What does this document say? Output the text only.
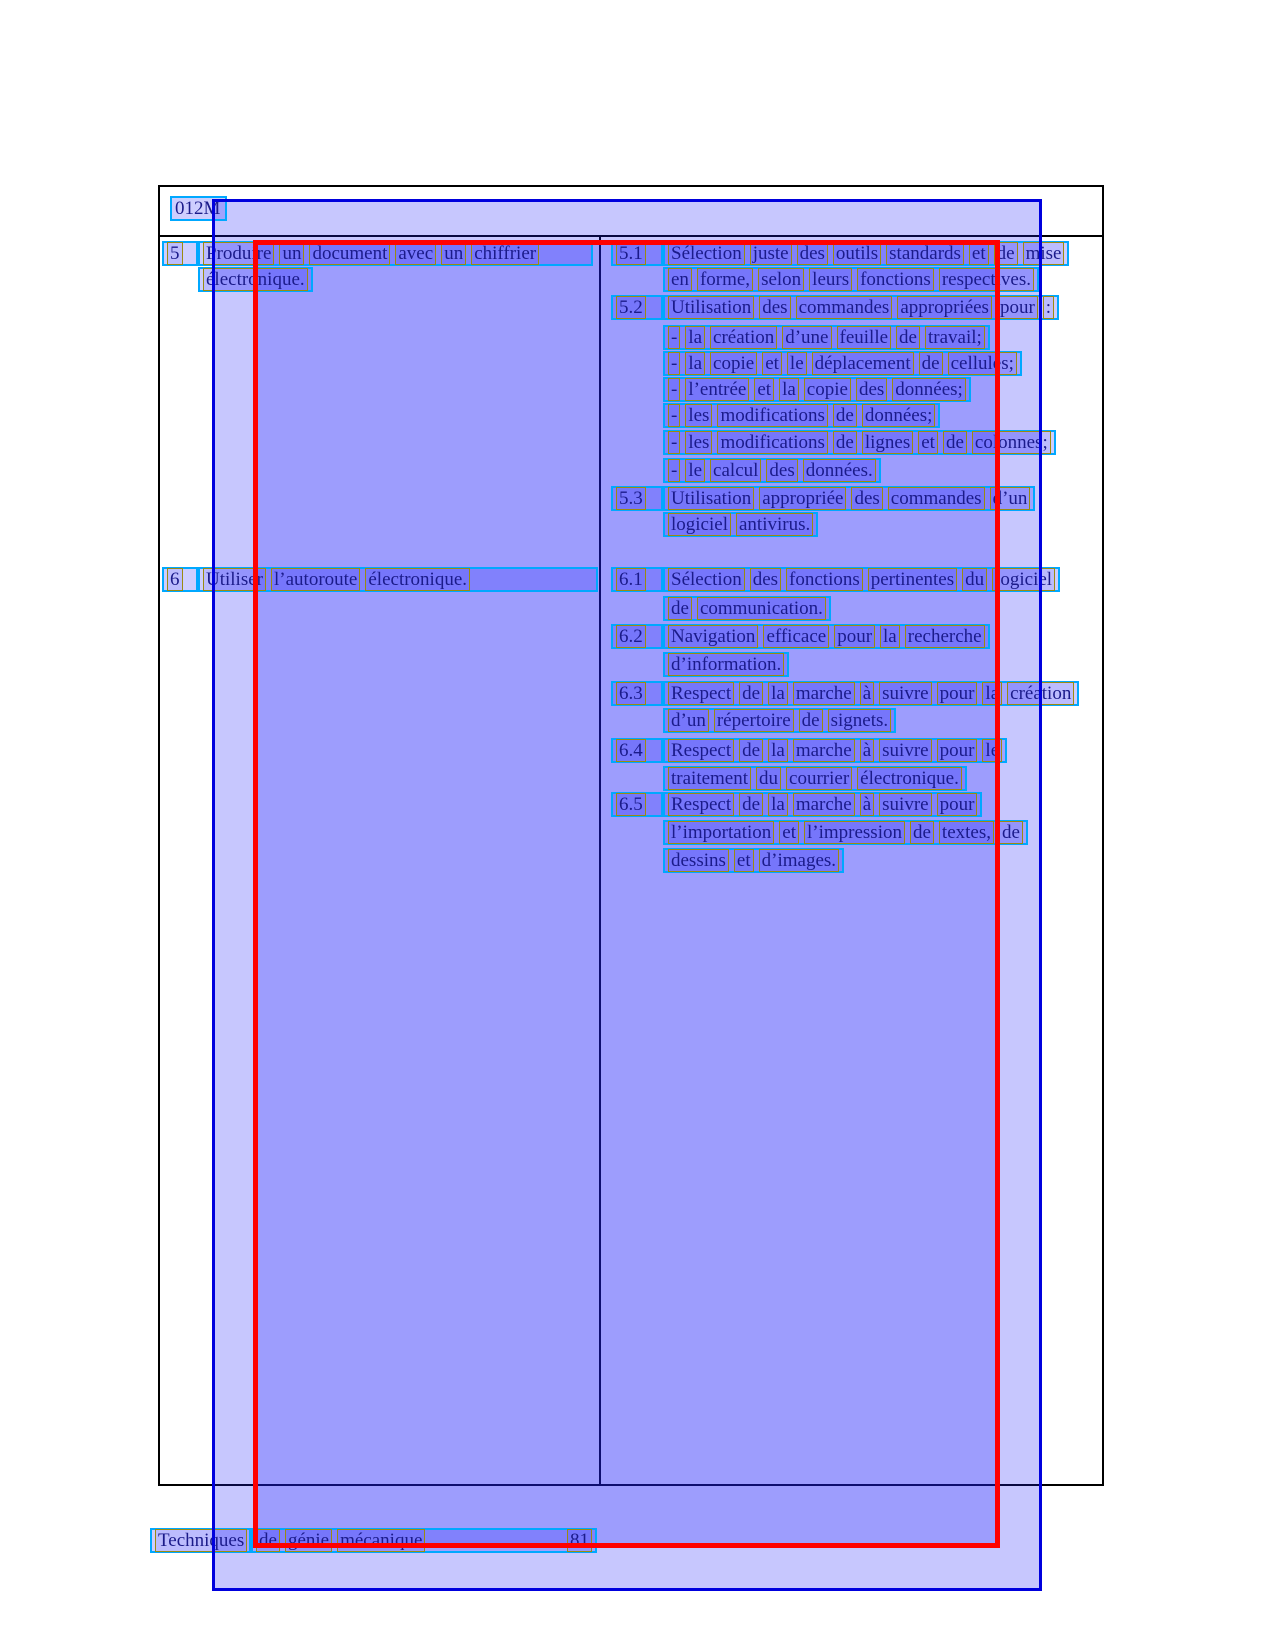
012M
5 Produire un document avec un chiffrier
électronique.
5.1 Sélection juste des outils standards et de mise
en forme, selon leurs fonctions respectives.
5.2 Utilisation des commandes appropriées pour :
- la création d’une feuille de travail;
- la copie et le déplacement de cellules;
- l’entrée et la copie des données;
- les modifications de données;
- les modifications de lignes et de colonnes;
- le calcul des données.
5.3 Utilisation appropriée des commandes d’un
logiciel antivirus.
6 Utiliser l’autoroute électronique.	6.1 Sélection des fonctions pertinentes du logiciel
de communication.
6.2 Navigation efficace pour la recherche
d’information.
6.3 Respect de la marche à suivre pour la création
d’un répertoire de signets.
6.4 Respect de la marche à suivre pour le
traitement du courrier électronique.
6.5 Respect de la marche à suivre pour
l’importation et l’impression de textes, de
dessins et d’images.
Techniques de génie mécanique	81
